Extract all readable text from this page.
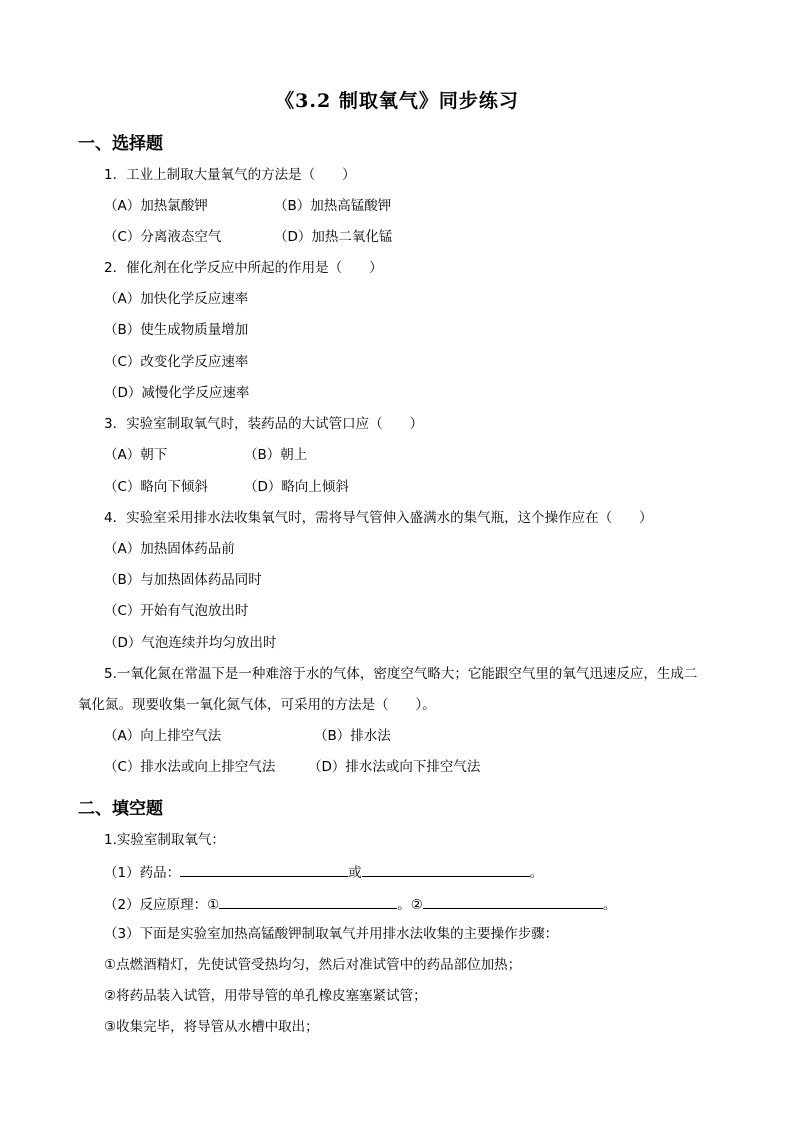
《3.2 制取氧气》同步练习
一、选择题
1．工业上制取大量氧气的方法是（　　）
（A）加热氯酸钾	（B）加热高锰酸钾
（C）分离液态空气	（D）加热二氧化锰
2．催化剂在化学反应中所起的作用是（　　）
（A）加快化学反应速率
（B）使生成物质量增加
（C）改变化学反应速率
（D）减慢化学反应速率
3．实验室制取氧气时，装药品的大试管口应（　　）
（A）朝下	（B）朝上
（C）略向下倾斜	（D）略向上倾斜
4．实验室采用排水法收集氧气时，需将导气管伸入盛满水的集气瓶，这个操作应在（　　）
（A）加热固体药品前
（B）与加热固体药品同时
（C）开始有气泡放出时
（D）气泡连续并均匀放出时
5.一氧化氮在常温下是一种难溶于水的气体，密度空气略大；它能跟空气里的氧气迅速反应，生成二
氧化氮。现要收集一氧化氮气体，可采用的方法是（　　）。
（A）向上排空气法	（B）排水法
（C）排水法或向上排空气法 （D）排水法或向下排空气法
二、填空题
1.实验室制取氧气：
（1）药品：	或	。
（2）反应原理：①	。②	。
（3）下面是实验室加热高锰酸钾制取氧气并用排水法收集的主要操作步骤：
①点燃酒精灯，先使试管受热均匀，然后对准试管中的药品部位加热；
②将药品装入试管，用带导管的单孔橡皮塞塞紧试管；
③收集完毕，将导管从水槽中取出；
